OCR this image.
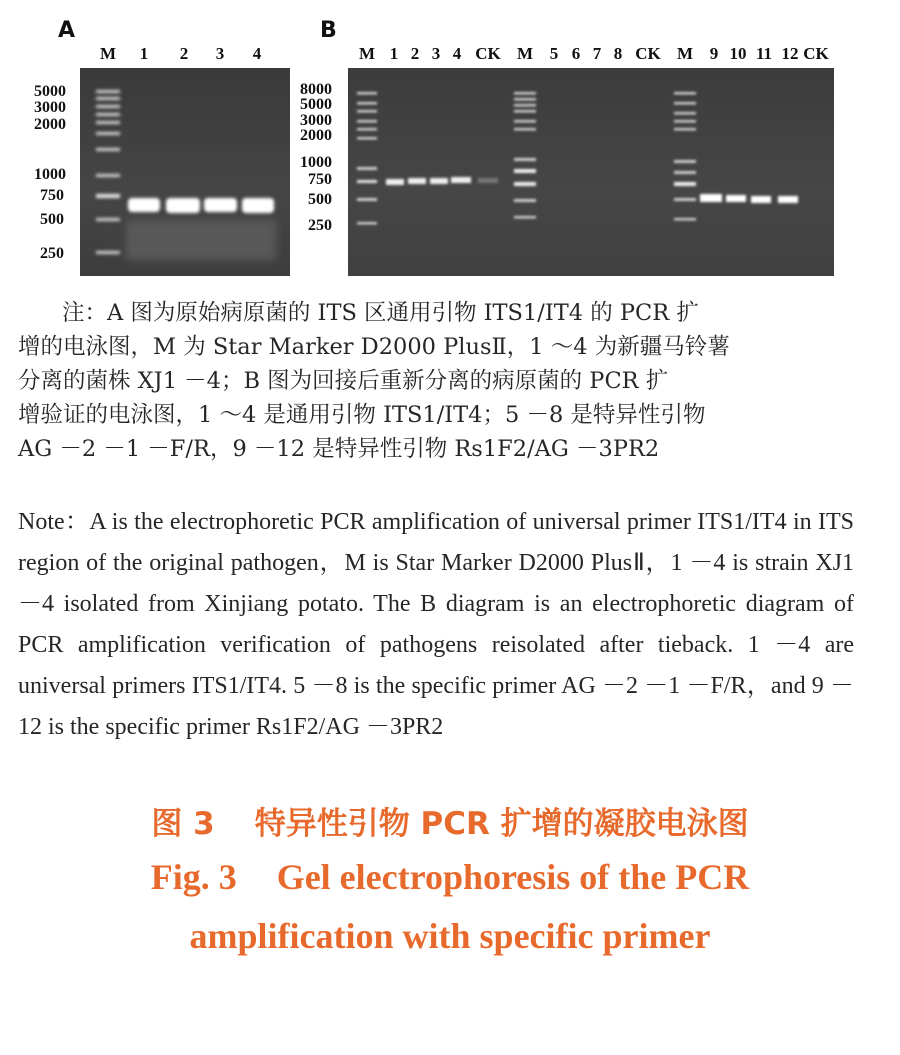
A	B
M 1 2 3 4	M 1 2 3 4 CK M 5 6 7 8 CK M 9 10 11 12 CK
5000
3000
2000
1000
750
500
250
8000
5000
3000
2000
1000
750
500
250
注：A 图为原始病原菌的 ITS 区通用引物 ITS1/IT4 的 PCR 扩
增的电泳图，M 为 Star Marker D2000 PlusⅡ，1 ～4 为新疆马铃薯
分离的菌株 XJ1 －4；B 图为回接后重新分离的病原菌的 PCR 扩
增验证的电泳图，1 ～4 是通用引物 ITS1/IT4；5 －8 是特异性引物
AG －2 －1 －F/R，9 －12 是特异性引物 Rs1F2/AG －3PR2
Note：A is the electrophoretic PCR amplification of universal primer ITS1/IT4 in ITS region of the original pathogen，M is Star Marker D2000 PlusⅡ，1 －4 is strain XJ1 －4 isolated from Xinjiang potato. The B diagram is an electrophoretic diagram of PCR amplification verification of pathogens reisolated after tieback. 1 －4 are universal primers ITS1/IT4. 5 －8 is the specific primer AG －2 －1 －F/R，and 9 －12 is the specific primer Rs1F2/AG －3PR2
图 3 特异性引物 PCR 扩增的凝胶电泳图
Fig. 3 Gel electrophoresis of the PCR
amplification with specific primer
